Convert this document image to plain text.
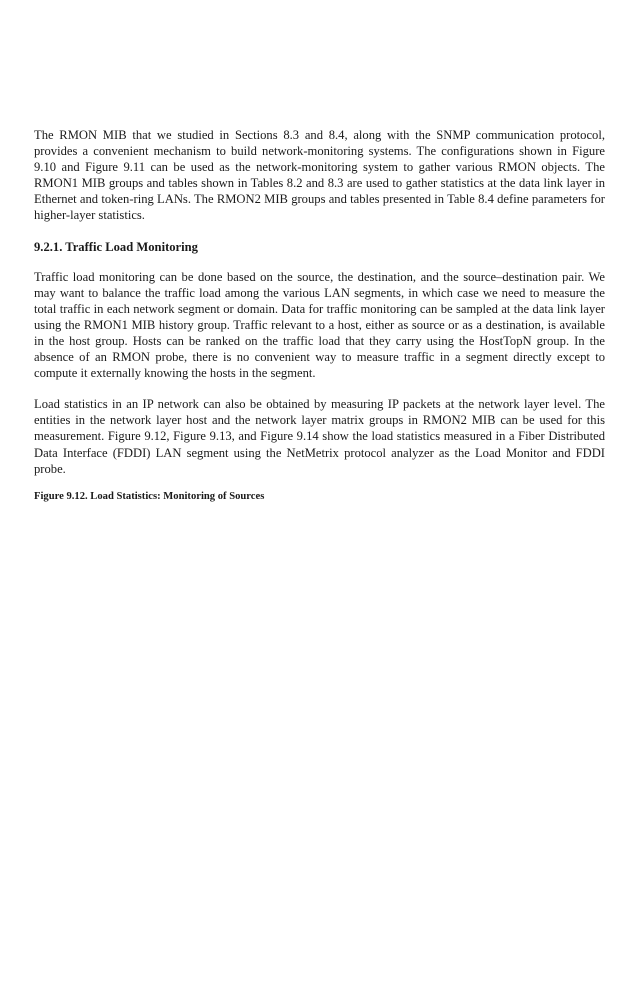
The RMON MIB that we studied in Sections 8.3 and 8.4, along with the SNMP communication protocol, provides a convenient mechanism to build network-monitoring systems. The configurations shown in Figure 9.10 and Figure 9.11 can be used as the network-monitoring system to gather various RMON objects. The RMON1 MIB groups and tables shown in Tables 8.2 and 8.3 are used to gather statistics at the data link layer in Ethernet and token-ring LANs. The RMON2 MIB groups and tables presented in Table 8.4 define parameters for higher-layer statistics.

9.2.1. Traffic Load Monitoring

Traffic load monitoring can be done based on the source, the destination, and the source–destination pair. We may want to balance the traffic load among the various LAN segments, in which case we need to measure the total traffic in each network segment or domain. Data for traffic monitoring can be sampled at the data link layer using the RMON1 MIB history group. Traffic relevant to a host, either as source or as a destination, is available in the host group. Hosts can be ranked on the traffic load that they carry using the HostTopN group. In the absence of an RMON probe, there is no convenient way to measure traffic in a segment directly except to compute it externally knowing the hosts in the segment.

Load statistics in an IP network can also be obtained by measuring IP packets at the network layer level. The entities in the network layer host and the network layer matrix groups in RMON2 MIB can be used for this measurement. Figure 9.12, Figure 9.13, and Figure 9.14 show the load statistics measured in a Fiber Distributed Data Interface (FDDI) LAN segment using the NetMetrix protocol analyzer as the Load Monitor and FDDI probe.

Figure 9.12. Load Statistics: Monitoring of Sources
